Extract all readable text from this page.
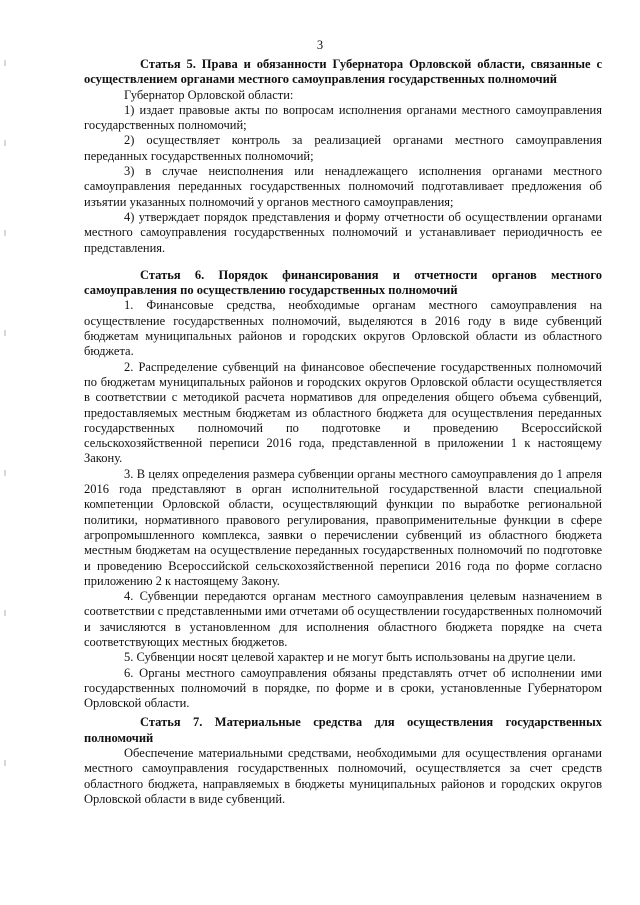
3

Статья 5. Права и обязанности Губернатора Орловской области, связанные с осуществлением органами местного самоуправления государственных полномочий

Губернатор Орловской области:

1) издает правовые акты по вопросам исполнения органами местного самоуправления государственных полномочий;

2) осуществляет контроль за реализацией органами местного самоуправления переданных государственных полномочий;

3) в случае неисполнения или ненадлежащего исполнения органами местного самоуправления переданных государственных полномочий подготавливает предложения об изъятии указанных полномочий у органов местного самоуправления;

4) утверждает порядок представления и форму отчетности об осуществлении органами местного самоуправления государственных полномочий и устанавливает периодичность ее представления.

Статья 6. Порядок финансирования и отчетности органов местного самоуправления по осуществлению государственных полномочий

1. Финансовые средства, необходимые органам местного самоуправления на осуществление государственных полномочий, выделяются в 2016 году в виде субвенций бюджетам муниципальных районов и городских округов Орловской области из областного бюджета.

2. Распределение субвенций на финансовое обеспечение государственных полномочий по бюджетам муниципальных районов и городских округов Орловской области осуществляется в соответствии с методикой расчета нормативов для определения общего объема субвенций, предоставляемых местным бюджетам из областного бюджета для осуществления переданных государственных полномочий по подготовке и проведению Всероссийской сельскохозяйственной переписи 2016 года, представленной в приложении 1 к настоящему Закону.

3. В целях определения размера субвенции органы местного самоуправления до 1 апреля 2016 года представляют в орган исполнительной государственной власти специальной компетенции Орловской области, осуществляющий функции по выработке региональной политики, нормативного правового регулирования, правоприменительные функции в сфере агропромышленного комплекса, заявки о перечислении субвенций из областного бюджета местным бюджетам на осуществление переданных государственных полномочий по подготовке и проведению Всероссийской сельскохозяйственной переписи 2016 года по форме согласно приложению 2 к настоящему Закону.

4. Субвенции передаются органам местного самоуправления целевым назначением в соответствии с представленными ими отчетами об осуществлении государственных полномочий и зачисляются в установленном для исполнения областного бюджета порядке на счета соответствующих местных бюджетов.

5. Субвенции носят целевой характер и не могут быть использованы на другие цели.

6. Органы местного самоуправления обязаны представлять отчет об исполнении ими государственных полномочий в порядке, по форме и в сроки, установленные Губернатором Орловской области.

Статья 7. Материальные средства для осуществления государственных полномочий

Обеспечение материальными средствами, необходимыми для осуществления органами местного самоуправления государственных полномочий, осуществляется за счет средств областного бюджета, направляемых в бюджеты муниципальных районов и городских округов Орловской области в виде субвенций.
